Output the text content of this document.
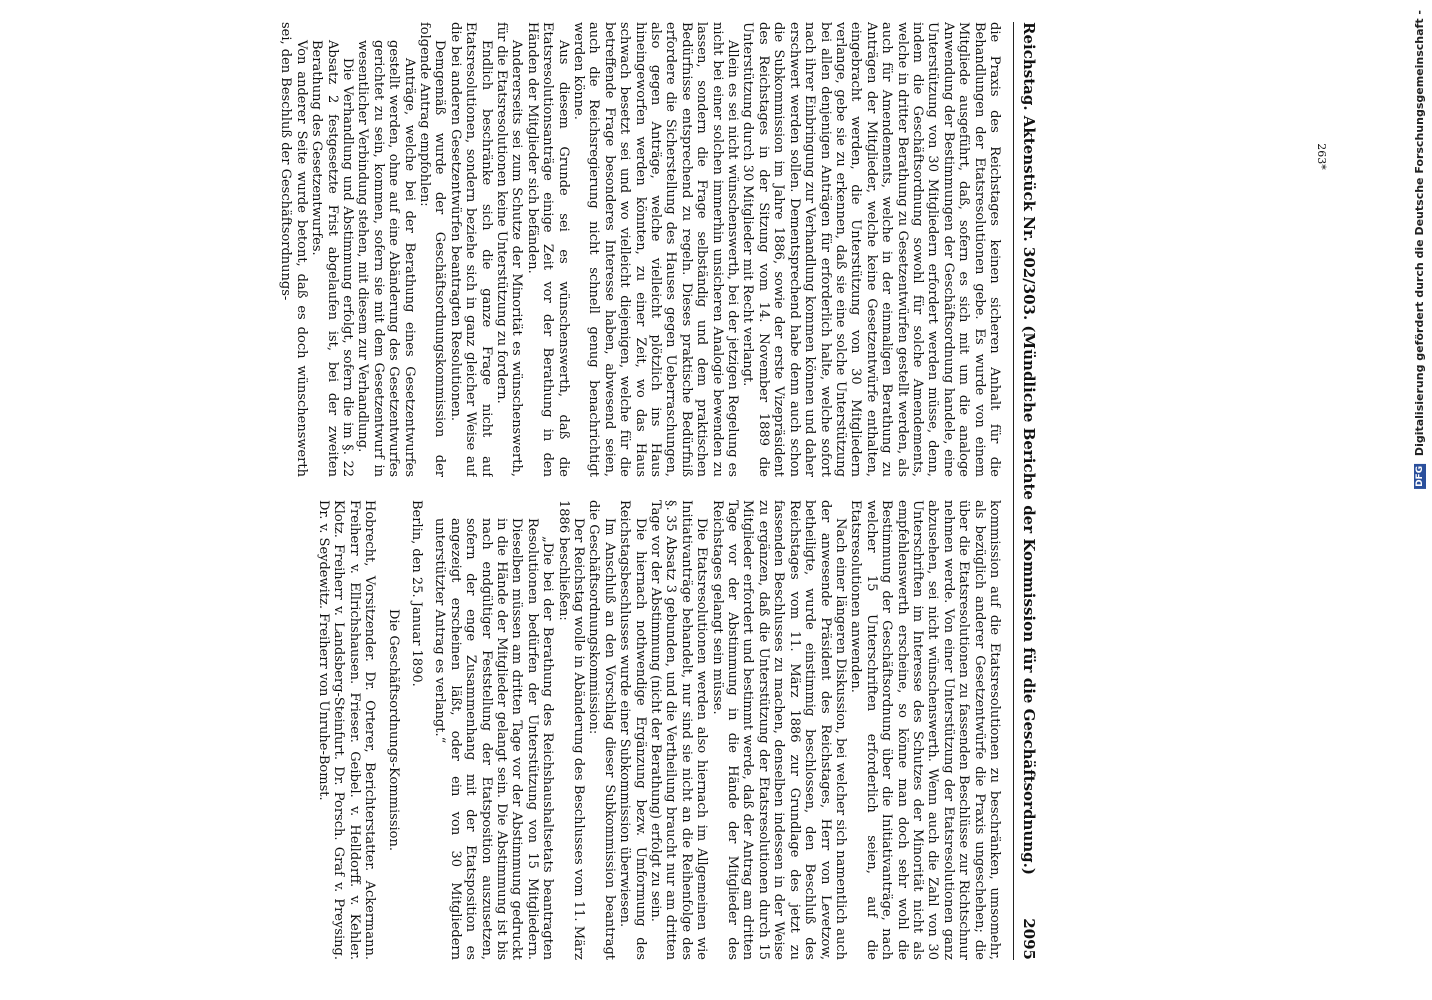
Reichstag. Aktenstück Nr. 302/303. (Mündliche Berichte der Kommission für die Geschäftsordnung.)
2095

die Praxis des Reichstages keinen sicheren Anhalt für die Behandlungen der Etatsresolutionen gebe. Es wurde von einem Mitgliede ausgeführt, daß, sofern es sich mit um die analoge Anwendung der Bestimmungen der Geschäftsordnung handele, eine Unterstützung von 30 Mitgliedern erfordert werden müsse, denn, indem die Geschäftsordnung sowohl für solche Amendements, welche in dritter Berathung zu Gesetzentwürfen gestellt werden, als auch für Amendements, welche in der einmaligen Berathung zu Anträgen der Mitglieder, welche keine Gesetzentwürfe enthalten, eingebracht werden, die Unterstützung von 30 Mitgliedern verlange, gebe sie zu erkennen, daß sie eine solche Unterstützung bei allen denjenigen Anträgen für erforderlich halte, welche sofort nach ihrer Einbringung zur Verhandlung kommen können und daher erschwert werden sollen. Dementsprechend habe denn auch schon die Subkommission im Jahre 1886, sowie der erste Vizepräsident des Reichstages in der Sitzung vom 14. November 1889 die Unterstützung durch 30 Mitglieder mit Recht verlangt.

Allein es sei nicht wünschenswerth, bei der jetzigen Regelung es nicht bei einer solchen immerhin unsicheren Analogie bewenden zu lassen, sondern die Frage selbständig und dem praktischen Bedürfnisse entsprechend zu regeln. Dieses praktische Bedürfniß erfordere die Sicherstellung des Hauses gegen Ueberraschungen, also gegen Anträge, welche vielleicht plötzlich ins Haus hineingeworfen werden könnten, zu einer Zeit, wo das Haus schwach besetzt sei und wo vielleicht diejenigen, welche für die betreffende Frage besonderes Interesse haben, abwesend seien, auch die Reichsregierung nicht schnell genug benachrichtigt werden könne.

Aus diesem Grunde sei es wünschenswerth, daß die Etatsresolutionsanträge einige Zeit vor der Berathung in den Händen der Mitglieder sich befänden.

Andererseits sei zum Schutze der Minorität es wünschenswerth, für die Etatsresolutionen keine Unterstützung zu fordern.

Endlich beschränke sich die ganze Frage nicht auf Etatsresolutionen, sondern beziehe sich in ganz gleicher Weise auf die bei anderen Gesetzentwürfen beantragten Resolutionen.

Demgemäß wurde der Geschäftsordnungskommission der folgende Antrag empfohlen:

Anträge, welche bei der Berathung eines Gesetzentwurfes gestellt werden, ohne auf eine Abänderung des Gesetzentwurfes gerichtet zu sein, kommen, sofern sie mit dem Gesetzentwurf in wesentlicher Verbindung stehen, mit diesem zur Verhandlung.

Die Verhandlung und Abstimmung erfolgt, sofern die im §. 22 Absatz 2 festgesetzte Frist abgelaufen ist, bei der zweiten Berathung des Gesetzentwurfes.

Von anderer Seite wurde betont, daß es doch wünschenswerth sei, den Beschluß der Geschäftsordnungs-

kommission auf die Etatsresolutionen zu beschränken, umsomehr, als bezüglich anderer Gesetzentwürfe die Praxis ungeschehen; die über die Etatsresolutionen zu fassenden Beschlüsse zur Richtschnur nehmen werde. Von einer Unterstützung der Etatsresolutionen ganz abzusehen, sei nicht wünschenswerth. Wenn auch die Zahl von 30 Unterschriften im Interesse des Schutzes der Minorität nicht als empfehlenswerth erscheine, so könne man doch sehr wohl die Bestimmung der Geschäftsordnung über die Initiativanträge, nach welcher 15 Unterschriften erforderlich seien, auf die Etatsresolutionen anwenden.

Nach einer längeren Diskussion, bei welcher sich namentlich auch der anwesende Präsident des Reichstages, Herr von Levetzow, betheiligte, wurde einstimmig beschlossen, den Beschluß des Reichstages vom 11. März 1886 zur Grundlage des jetzt zu fassenden Beschlusses zu machen, denselben indessen in der Weise zu ergänzen, daß die Unterstützung der Etatsresolutionen durch 15 Mitglieder erfordert und bestimmt werde, daß der Antrag am dritten Tage vor der Abstimmung in die Hände der Mitglieder des Reichstages gelangt sein müsse.

Die Etatsresolutionen werden also hiernach im Allgemeinen wie Initiativanträge behandelt, nur sind sie nicht an die Reihenfolge des §. 35 Absatz 3 gebunden, und die Vertheilung braucht nur am dritten Tage vor der Abstimmung (nicht der Berathung) erfolgt zu sein.

Die hiernach nothwendige Ergänzung bezw. Umformung des Reichstagsbeschlusses wurde einer Subkommission überwiesen.

Im Anschluß an den Vorschlag dieser Subkommission beantragt die Geschäftsordnungskommission:

Der Reichstag wolle in Abänderung des Beschlusses vom 11. März 1886 beschließen:

„Die bei der Berathung des Reichshaushaltsetats beantragten Resolutionen bedürfen der Unterstützung von 15 Mitgliedern. Dieselben müssen am dritten Tage vor der Abstimmung gedruckt in die Hände der Mitglieder gelangt sein. Die Abstimmung ist bis nach endgültiger Feststellung der Etatsposition auszusetzen, sofern der enge Zusammenhang mit der Etatsposition es angezeigt erscheinen läßt, oder ein von 30 Mitgliedern unterstützter Antrag es verlangt.“

Berlin, den 25. Januar 1890.

Die Geschäftsordnungs-Kommission.

Hobrecht, Vorsitzender. Dr. Orterer, Berichterstatter. Ackermann. Freiherr v. Ellrichshausen. Frieser. Geibel. v. Helldorff. v. Kehler. Klotz. Freiherr v. Landsberg-Steinfurt. Dr. Porsch. Graf v. Preysing. Dr. v. Seydewitz. Freiherr von Unruhe-Bomst.

263*
DFG Digitalisierung gefördert durch die Deutsche Forschungsgemeinschaft -
